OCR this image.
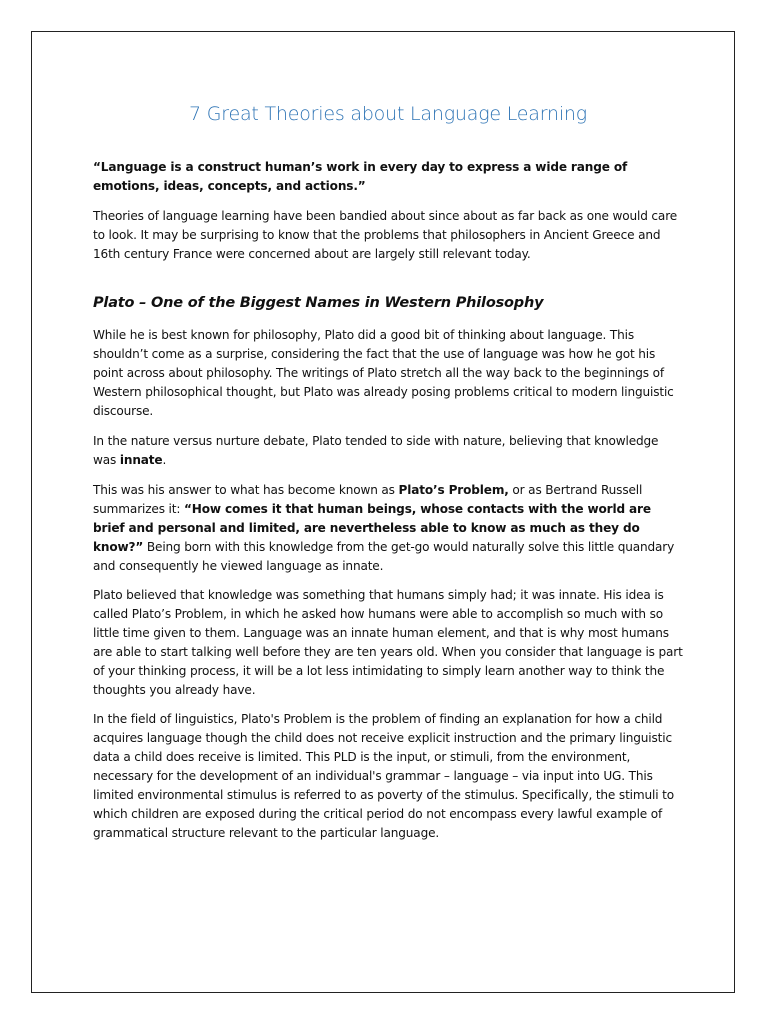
7 Great Theories about Language Learning

“Language is a construct human’s work in every day to express a wide range of emotions, ideas, concepts, and actions.”

Theories of language learning have been bandied about since about as far back as one would care to look. It may be surprising to know that the problems that philosophers in Ancient Greece and 16th century France were concerned about are largely still relevant today.

Plato – One of the Biggest Names in Western Philosophy

While he is best known for philosophy, Plato did a good bit of thinking about language. This shouldn’t come as a surprise, considering the fact that the use of language was how he got his point across about philosophy. The writings of Plato stretch all the way back to the beginnings of Western philosophical thought, but Plato was already posing problems critical to modern linguistic discourse.

In the nature versus nurture debate, Plato tended to side with nature, believing that knowledge was innate.

This was his answer to what has become known as Plato’s Problem, or as Bertrand Russell summarizes it: “How comes it that human beings, whose contacts with the world are brief and personal and limited, are nevertheless able to know as much as they do know?” Being born with this knowledge from the get-go would naturally solve this little quandary and consequently he viewed language as innate.

Plato believed that knowledge was something that humans simply had; it was innate. His idea is called Plato’s Problem, in which he asked how humans were able to accomplish so much with so little time given to them. Language was an innate human element, and that is why most humans are able to start talking well before they are ten years old. When you consider that language is part of your thinking process, it will be a lot less intimidating to simply learn another way to think the thoughts you already have.

In the field of linguistics, Plato's Problem is the problem of finding an explanation for how a child acquires language though the child does not receive explicit instruction and the primary linguistic data a child does receive is limited. This PLD is the input, or stimuli, from the environment, necessary for the development of an individual's grammar – language – via input into UG. This limited environmental stimulus is referred to as poverty of the stimulus. Specifically, the stimuli to which children are exposed during the critical period do not encompass every lawful example of grammatical structure relevant to the particular language.
